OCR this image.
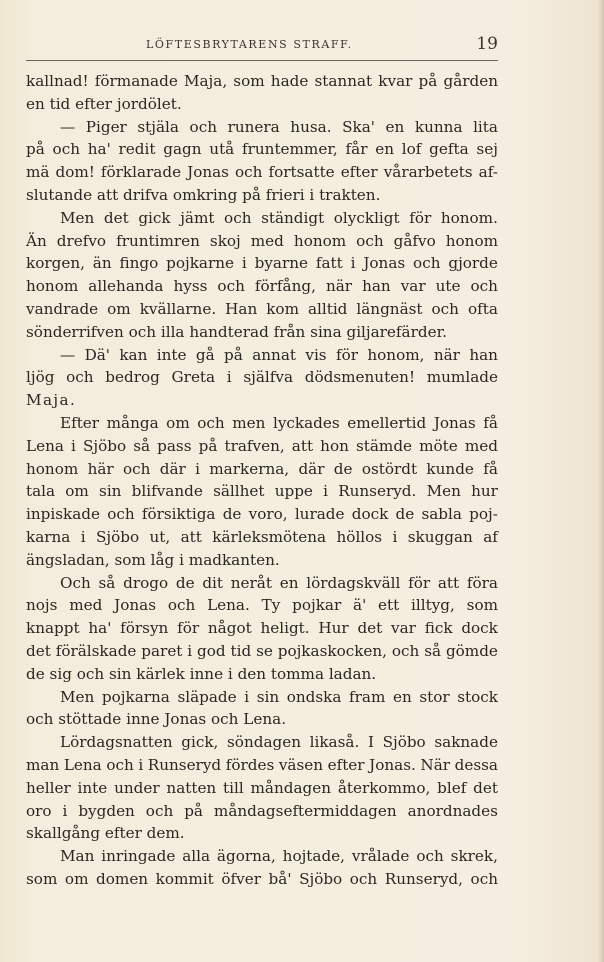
LÖFTESBRYTARENS STRAFF.	19
kallnad! förmanade Maja, som hade stannat kvar på gården
en tid efter jordölet.
— Piger stjäla och runera husa. Ska' en kunna lita
på och ha' redit gagn utå fruntemmer, får en lof gefta sej
mä dom! förklarade Jonas och fortsatte efter vårarbetets af-
slutande att drifva omkring på frieri i trakten.
Men det gick jämt och ständigt olyckligt för honom.
Än drefvo fruntimren skoj med honom och gåfvo honom
korgen, än fingo pojkarne i byarne fatt i Jonas och gjorde
honom allehanda hyss och förfång, när han var ute och
vandrade om kvällarne. Han kom alltid längnäst och ofta
sönderrifven och illa handterad från sina giljarefärder.
— Dä' kan inte gå på annat vis för honom, när han
ljög och bedrog Greta i själfva dödsmenuten! mumlade
Maja.
Efter många om och men lyckades emellertid Jonas få
Lena i Sjöbo så pass på trafven, att hon stämde möte med
honom här och där i markerna, där de ostördt kunde få
tala om sin blifvande sällhet uppe i Runseryd. Men hur
inpiskade och försiktiga de voro, lurade dock de sabla poj-
karna i Sjöbo ut, att kärleksmötena höllos i skuggan af
ängsladan, som låg i madkanten.
Och så drogo de dit neråt en lördagskväll för att föra
nojs med Jonas och Lena. Ty pojkar ä' ett illtyg, som
knappt ha' försyn för något heligt. Hur det var fick dock
det förälskade paret i god tid se pojkaskocken, och så gömde
de sig och sin kärlek inne i den tomma ladan.
Men pojkarna släpade i sin ondska fram en stor stock
och stöttade inne Jonas och Lena.
Lördagsnatten gick, söndagen likaså. I Sjöbo saknade
man Lena och i Runseryd fördes väsen efter Jonas. När dessa
heller inte under natten till måndagen återkommo, blef det
oro i bygden och på måndagseftermiddagen anordnades
skallgång efter dem.
Man inringade alla ägorna, hojtade, vrålade och skrek,
som om domen kommit öfver bå' Sjöbo och Runseryd, och
